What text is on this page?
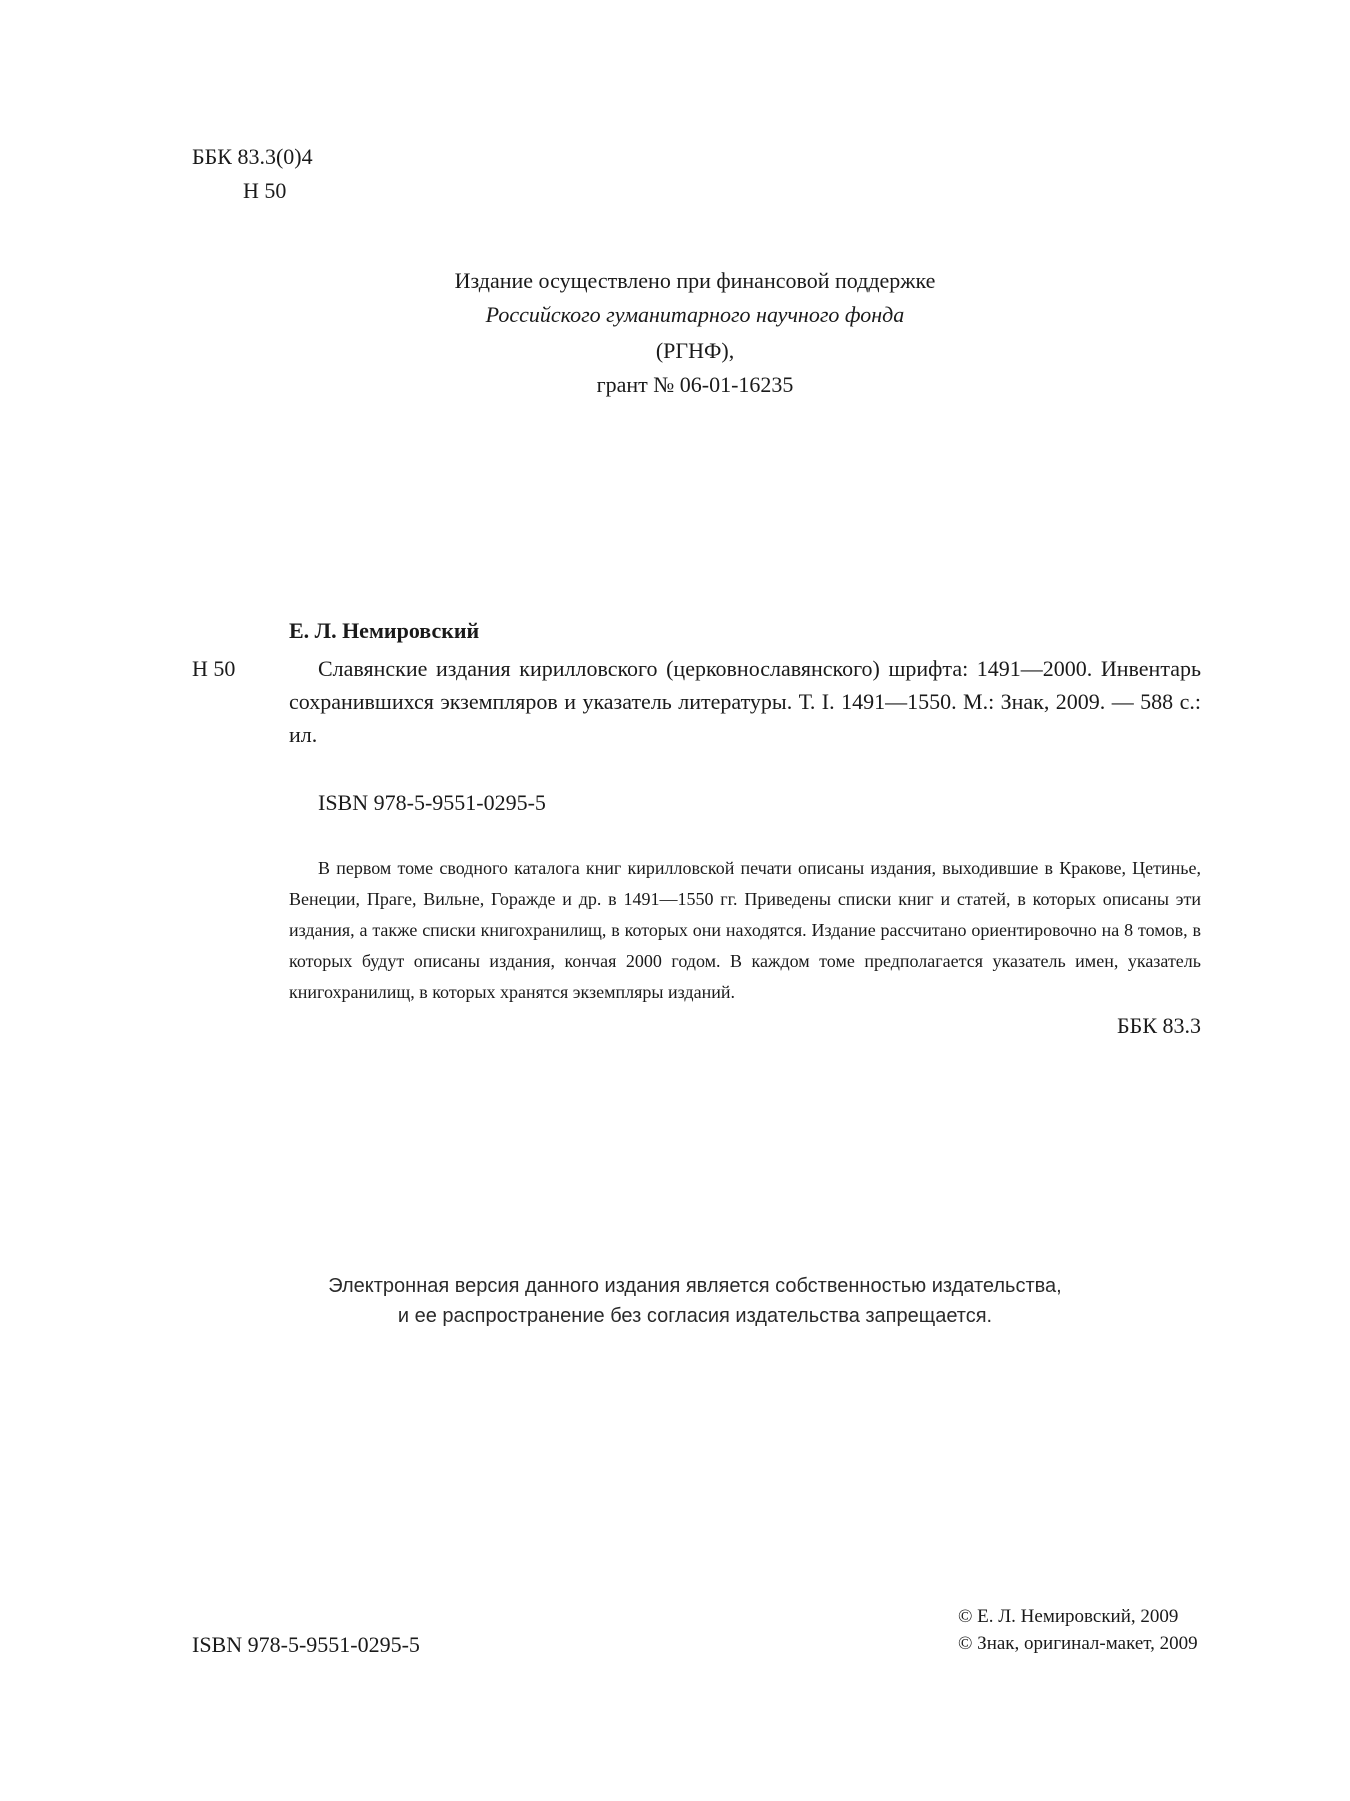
ББК 83.3(0)4
Н 50
Издание осуществлено при финансовой поддержке
Российского гуманитарного научного фонда
(РГНФ),
грант № 06-01-16235
Е. Л. Немировский
Н 50	Славянские издания кирилловского (церковнославянского) шрифта: 1491—2000. Инвентарь сохранившихся экземпляров и указатель литературы. Т. I. 1491—1550. М.: Знак, 2009. — 588 с.: ил.

ISBN 978-5-9551-0295-5

В первом томе сводного каталога книг кирилловской печати описаны издания, выходившие в Кракове, Цетинье, Венеции, Праге, Вильне, Горажде и др. в 1491—1550 гг. Приведены списки книг и статей, в которых описаны эти издания, а также списки книгохранилищ, в которых они находятся. Издание рассчитано ориентировочно на 8 томов, в которых будут описаны издания, кончая 2000 годом. В каждом томе предполагается указатель имен, указатель книгохранилищ, в которых хранятся экземпляры изданий.

ББК 83.3
Электронная версия данного издания является собственностью издательства,
и ее распространение без согласия издательства запрещается.
ISBN 978-5-9551-0295-5
© Е. Л. Немировский, 2009
© Знак, оригинал-макет, 2009
